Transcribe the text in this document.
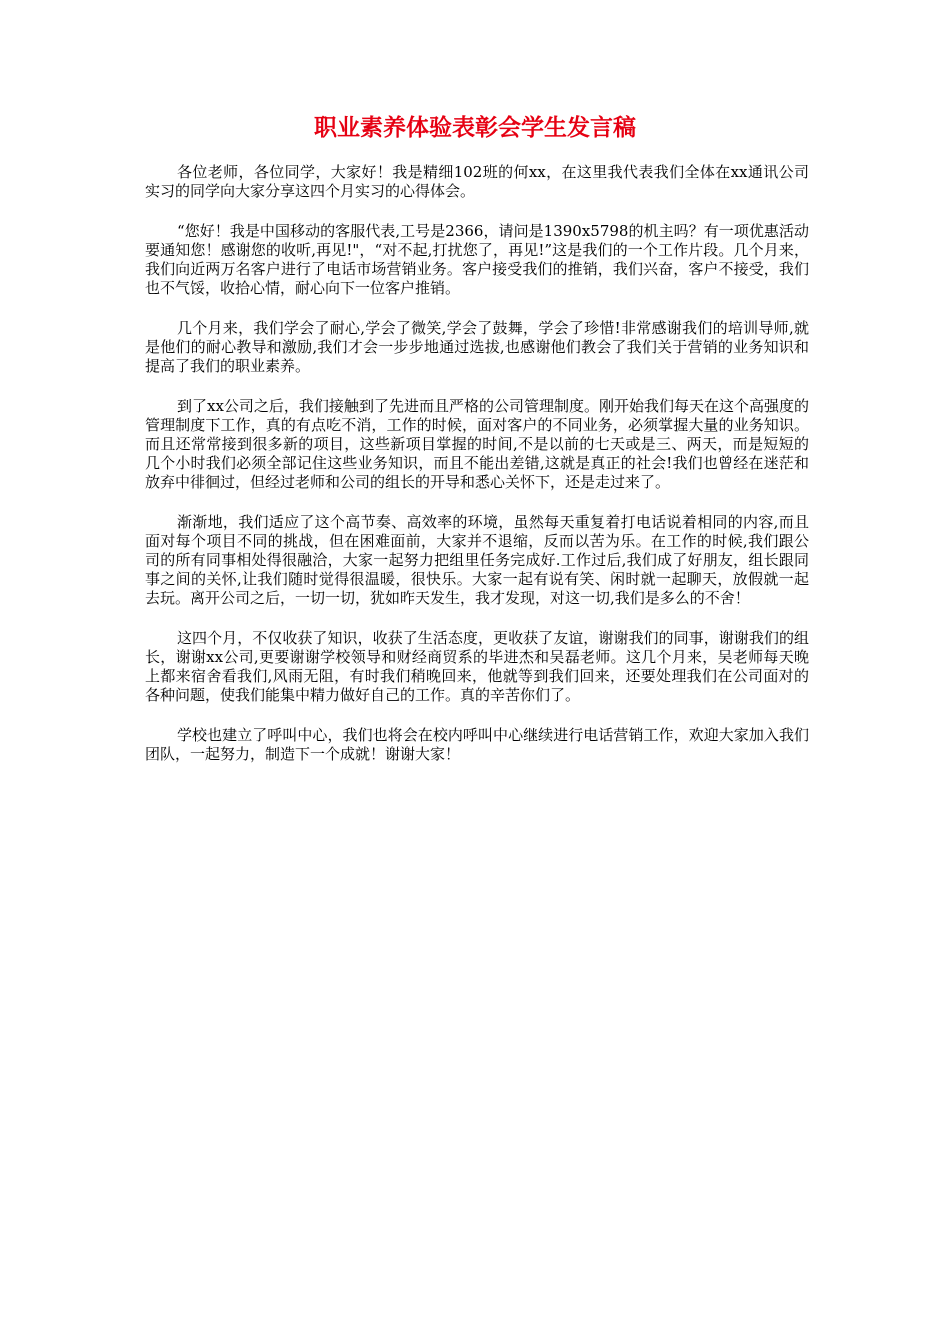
职业素养体验表彰会学生发言稿

各位老师，各位同学，大家好！我是精细102班的何xx，在这里我代表我们全体在xx通讯公司实习的同学向大家分享这四个月实习的心得体会。

“您好！我是中国移动的客服代表,工号是2366，请问是1390x5798的机主吗？有一项优惠活动要通知您！感谢您的收听,再见!"，“对不起,打扰您了，再见!”这是我们的一个工作片段。几个月来，我们向近两万名客户进行了电话市场营销业务。客户接受我们的推销，我们兴奋，客户不接受，我们也不气馁，收拾心情，耐心向下一位客户推销。

几个月来，我们学会了耐心,学会了微笑,学会了鼓舞，学会了珍惜!非常感谢我们的培训导师,就是他们的耐心教导和激励,我们才会一步步地通过选拔,也感谢他们教会了我们关于营销的业务知识和提高了我们的职业素养。

到了xx公司之后，我们接触到了先进而且严格的公司管理制度。刚开始我们每天在这个高强度的管理制度下工作，真的有点吃不消，工作的时候，面对客户的不同业务，必须掌握大量的业务知识。而且还常常接到很多新的项目，这些新项目掌握的时间,不是以前的七天或是三、两天，而是短短的几个小时我们必须全部记住这些业务知识，而且不能出差错,这就是真正的社会!我们也曾经在迷茫和放弃中徘徊过，但经过老师和公司的组长的开导和悉心关怀下，还是走过来了。

渐渐地，我们适应了这个高节奏、高效率的环境，虽然每天重复着打电话说着相同的内容,而且面对每个项目不同的挑战，但在困难面前，大家并不退缩，反而以苦为乐。在工作的时候,我们跟公司的所有同事相处得很融洽，大家一起努力把组里任务完成好.工作过后,我们成了好朋友，组长跟同事之间的关怀,让我们随时觉得很温暖，很快乐。大家一起有说有笑、闲时就一起聊天，放假就一起去玩。离开公司之后，一切一切，犹如昨天发生，我才发现，对这一切,我们是多么的不舍！

这四个月，不仅收获了知识，收获了生活态度，更收获了友谊，谢谢我们的同事，谢谢我们的组长，谢谢xx公司,更要谢谢学校领导和财经商贸系的毕进杰和吴磊老师。这几个月来，吴老师每天晚上都来宿舍看我们,风雨无阻，有时我们稍晚回来，他就等到我们回来，还要处理我们在公司面对的各种问题，使我们能集中精力做好自己的工作。真的辛苦你们了。

学校也建立了呼叫中心，我们也将会在校内呼叫中心继续进行电话营销工作，欢迎大家加入我们团队，一起努力，制造下一个成就！谢谢大家！
